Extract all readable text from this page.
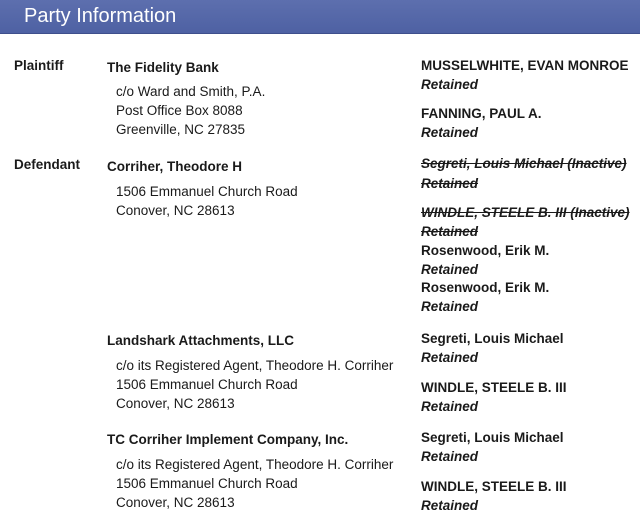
Party Information
Plaintiff	The Fidelity Bank
c/o Ward and Smith, P.A.
Post Office Box 8088
Greenville, NC 27835
MUSSELWHITE, EVAN MONROE
Retained
FANNING, PAUL A.
Retained
Defendant Corriher, Theodore H
1506 Emmanuel Church Road
Conover, NC 28613
Segreti, Louis Michael (Inactive)
Retained
WINDLE, STEELE B. III (Inactive)
Retained
Rosenwood, Erik M.
Retained
Rosenwood, Erik M.
Retained
Landshark Attachments, LLC
c/o its Registered Agent, Theodore H. Corriher
1506 Emmanuel Church Road
Conover, NC 28613
Segreti, Louis Michael
Retained
WINDLE, STEELE B. III
Retained
TC Corriher Implement Company, Inc.
c/o its Registered Agent, Theodore H. Corriher
1506 Emmanuel Church Road
Conover, NC 28613
Segreti, Louis Michael
Retained
WINDLE, STEELE B. III
Retained
